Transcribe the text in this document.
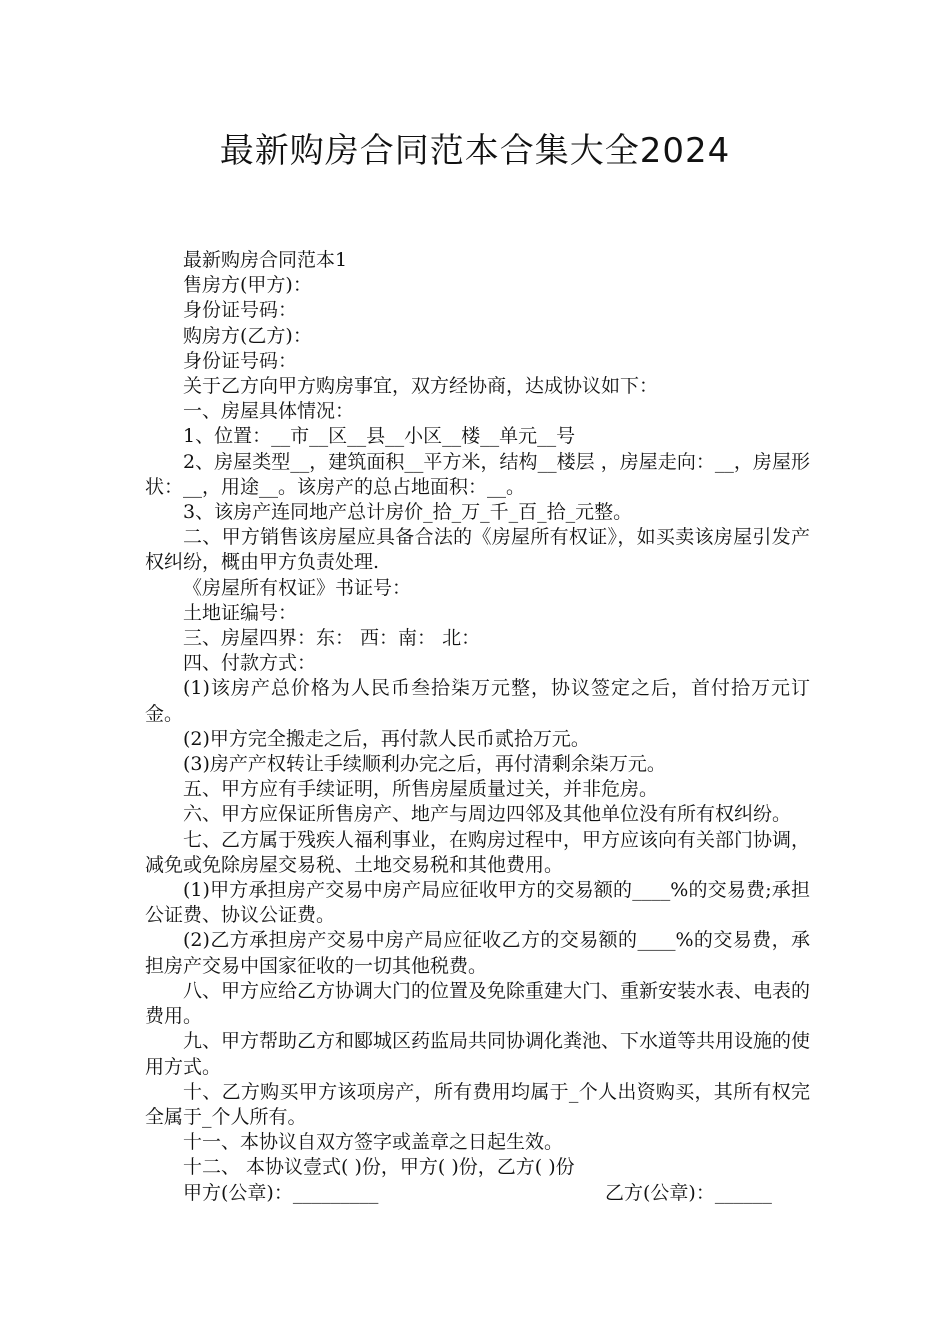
最新购房合同范本合集大全2024

最新购房合同范本1

售房方(甲方)：

身份证号码：

购房方(乙方)：

身份证号码：

关于乙方向甲方购房事宜，双方经协商，达成协议如下：

一、房屋具体情况：

1、位置：__市__区__县__小区__楼__单元__号

2、房屋类型__，建筑面积__平方米，结构__楼层 ，房屋走向：__，房屋形状：__，用途__。该房产的总占地面积：__。

3、该房产连同地产总计房价_拾_万_千_百_拾_元整。

二、甲方销售该房屋应具备合法的《房屋所有权证》，如买卖该房屋引发产权纠纷，概由甲方负责处理.

《房屋所有权证》书证号：

土地证编号：

三、房屋四界：东： 西：南： 北：

四、付款方式：

(1)该房产总价格为人民币叁拾柒万元整，协议签定之后，首付拾万元订金。

(2)甲方完全搬走之后，再付款人民币贰拾万元。

(3)房产产权转让手续顺利办完之后，再付清剩余柒万元。

五、甲方应有手续证明，所售房屋质量过关，并非危房。

六、甲方应保证所售房产、地产与周边四邻及其他单位没有所有权纠纷。

七、乙方属于残疾人福利事业，在购房过程中，甲方应该向有关部门协调，减免或免除房屋交易税、土地交易税和其他费用。

(1)甲方承担房产交易中房产局应征收甲方的交易额的____%的交易费;承担公证费、协议公证费。

(2)乙方承担房产交易中房产局应征收乙方的交易额的____%的交易费，承担房产交易中国家征收的一切其他税费。

八、甲方应给乙方协调大门的位置及免除重建大门、重新安装水表、电表的费用。

九、甲方帮助乙方和郾城区药监局共同协调化粪池、下水道等共用设施的使用方式。

十、乙方购买甲方该项房产，所有费用均属于_个人出资购买，其所有权完全属于_个人所有。

十一、本协议自双方签字或盖章之日起生效。

十二、 本协议壹式( )份，甲方( )份，乙方( )份

甲方(公章)：_________	乙方(公章)：______
